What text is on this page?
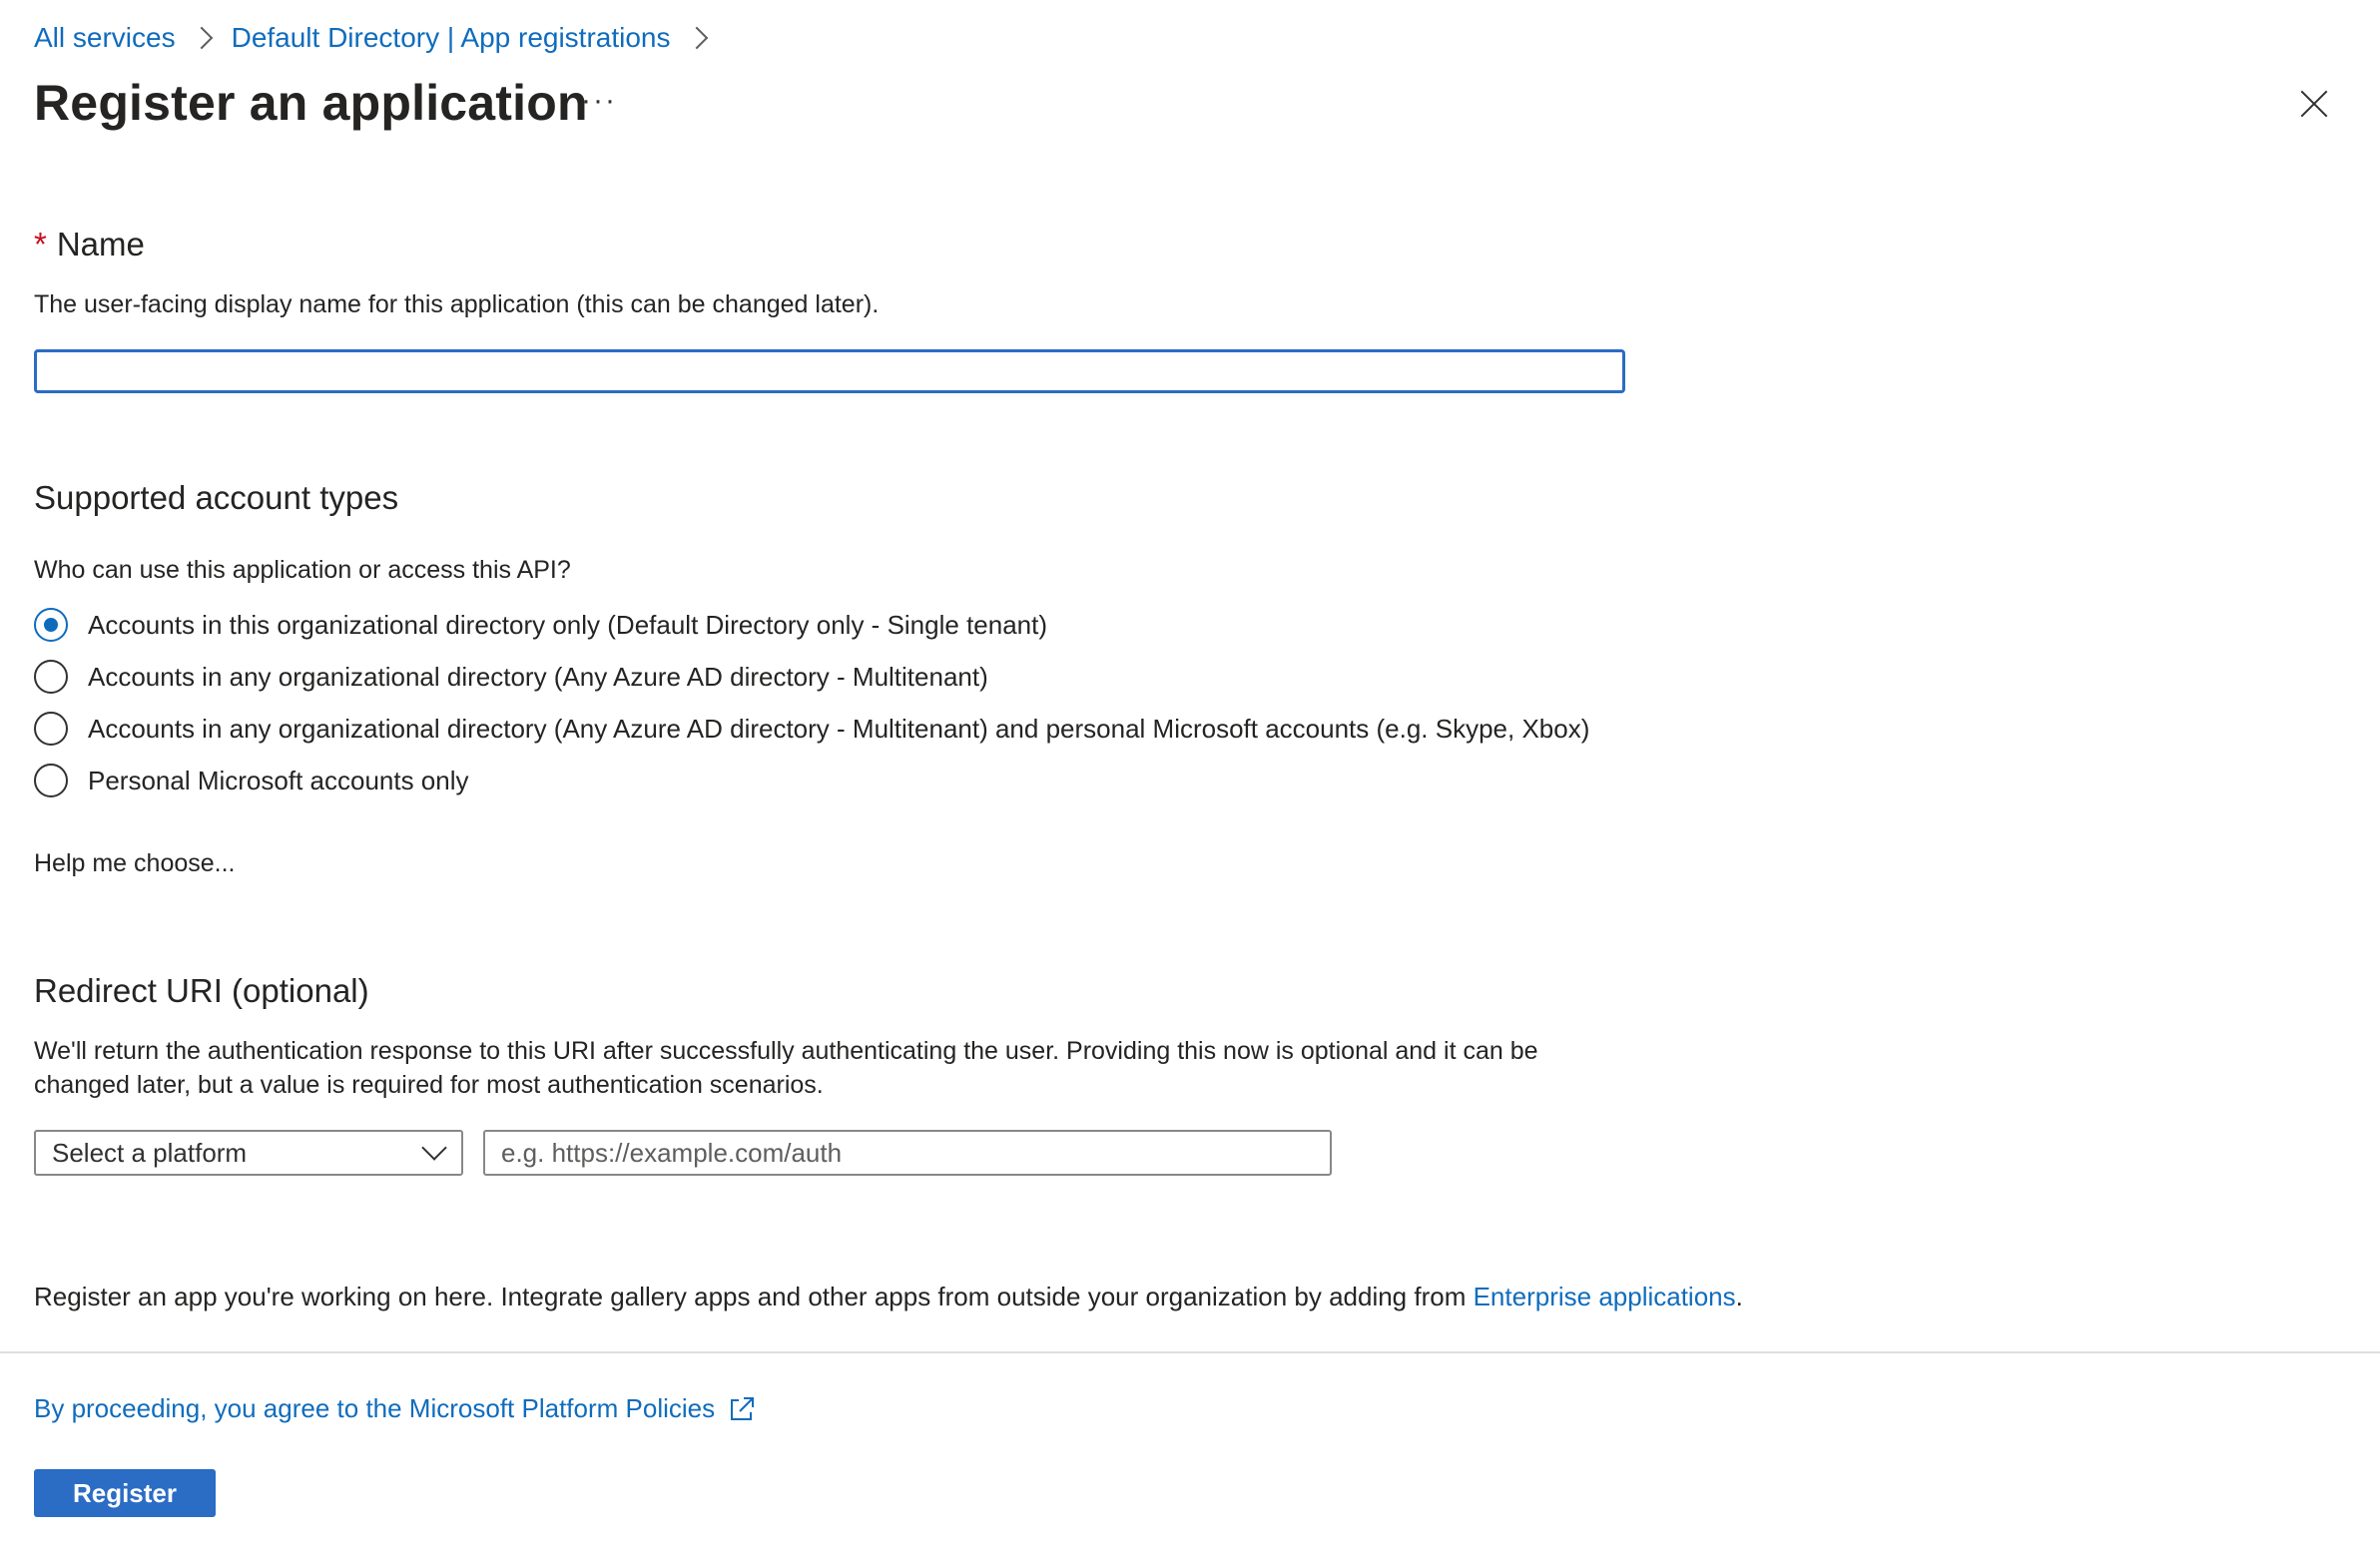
All services Default Directory | App registrations
Register an application
···
* Name
The user-facing display name for this application (this can be changed later).
Supported account types
Who can use this application or access this API?
Accounts in this organizational directory only (Default Directory only - Single tenant)
Accounts in any organizational directory (Any Azure AD directory - Multitenant)
Accounts in any organizational directory (Any Azure AD directory - Multitenant) and personal Microsoft accounts (e.g. Skype, Xbox)
Personal Microsoft accounts only
Help me choose...
Redirect URI (optional)
We'll return the authentication response to this URI after successfully authenticating the user. Providing this now is optional and it can be
changed later, but a value is required for most authentication scenarios.
Select a platform
e.g. https://example.com/auth
Register an app you're working on here. Integrate gallery apps and other apps from outside your organization by adding from Enterprise applications.
By proceeding, you agree to the Microsoft Platform Policies
Register
